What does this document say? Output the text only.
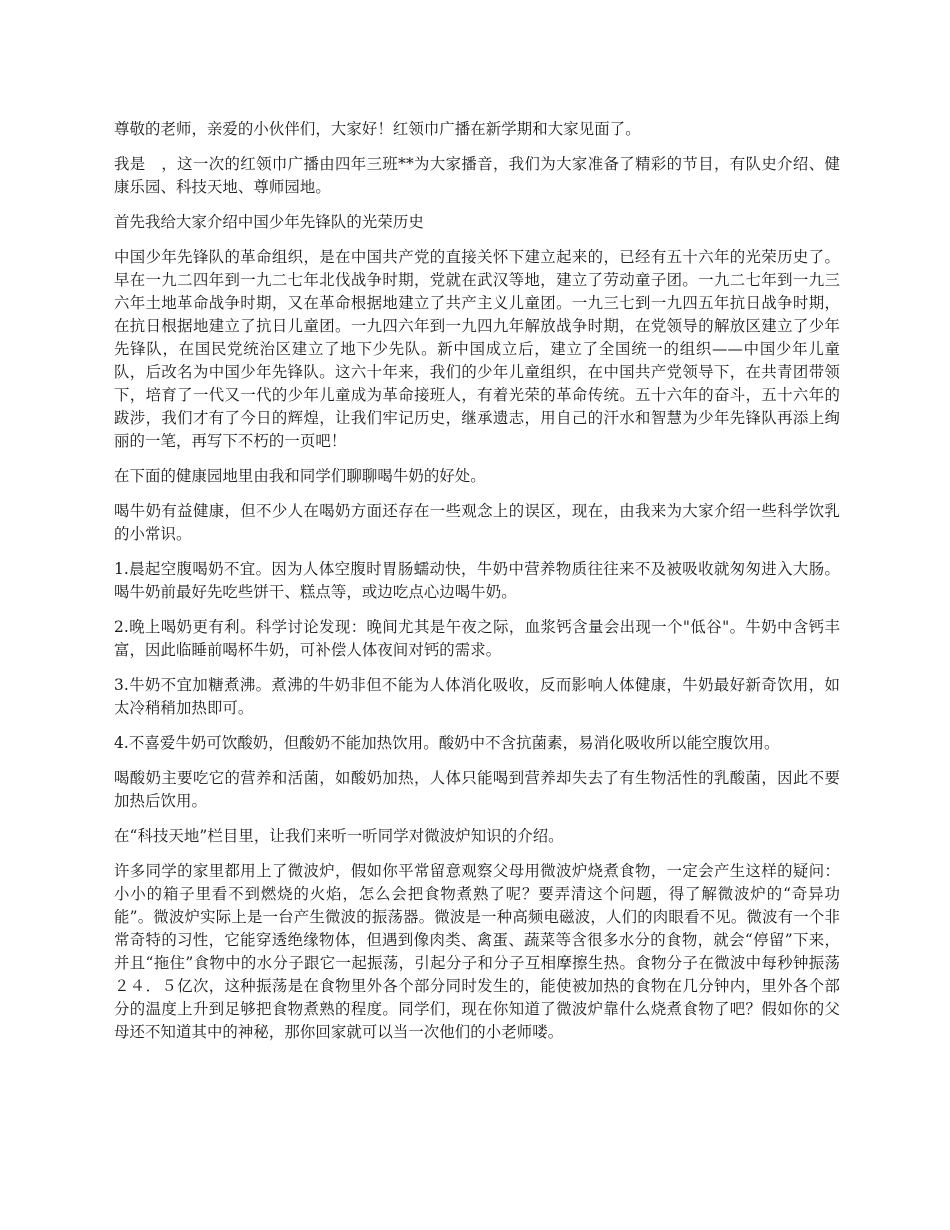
尊敬的老师，亲爱的小伙伴们，大家好！红领巾广播在新学期和大家见面了。

我是　，这一次的红领巾广播由四年三班**为大家播音，我们为大家准备了精彩的节目，有队史介绍、健康乐园、科技天地、尊师园地。

首先我给大家介绍中国少年先锋队的光荣历史

中国少年先锋队的革命组织，是在中国共产党的直接关怀下建立起来的，已经有五十六年的光荣历史了。早在一九二四年到一九二七年北伐战争时期，党就在武汉等地，建立了劳动童子团。一九二七年到一九三六年土地革命战争时期，又在革命根据地建立了共产主义儿童团。一九三七到一九四五年抗日战争时期，在抗日根据地建立了抗日儿童团。一九四六年到一九四九年解放战争时期，在党领导的解放区建立了少年先锋队，在国民党统治区建立了地下少先队。新中国成立后，建立了全国统一的组织——中国少年儿童队，后改名为中国少年先锋队。这六十年来，我们的少年儿童组织，在中国共产党领导下，在共青团带领下，培育了一代又一代的少年儿童成为革命接班人，有着光荣的革命传统。五十六年的奋斗，五十六年的跋涉，我们才有了今日的辉煌，让我们牢记历史，继承遗志，用自己的汗水和智慧为少年先锋队再添上绚丽的一笔，再写下不朽的一页吧！

在下面的健康园地里由我和同学们聊聊喝牛奶的好处。

喝牛奶有益健康，但不少人在喝奶方面还存在一些观念上的误区，现在，由我来为大家介绍一些科学饮乳的小常识。

1.晨起空腹喝奶不宜。因为人体空腹时胃肠蠕动快，牛奶中营养物质往往来不及被吸收就匆匆进入大肠。喝牛奶前最好先吃些饼干、糕点等，或边吃点心边喝牛奶。

2.晚上喝奶更有利。科学讨论发现：晚间尤其是午夜之际，血浆钙含量会出现一个"低谷"。牛奶中含钙丰富，因此临睡前喝杯牛奶，可补偿人体夜间对钙的需求。

3.牛奶不宜加糖煮沸。煮沸的牛奶非但不能为人体消化吸收，反而影响人体健康，牛奶最好新奇饮用，如太冷稍稍加热即可。

4.不喜爱牛奶可饮酸奶，但酸奶不能加热饮用。酸奶中不含抗菌素，易消化吸收所以能空腹饮用。

喝酸奶主要吃它的营养和活菌，如酸奶加热，人体只能喝到营养却失去了有生物活性的乳酸菌，因此不要加热后饮用。

在“科技天地”栏目里，让我们来听一听同学对微波炉知识的介绍。

许多同学的家里都用上了微波炉，假如你平常留意观察父母用微波炉烧煮食物，一定会产生这样的疑问：小小的箱子里看不到燃烧的火焰，怎么会把食物煮熟了呢？要弄清这个问题，得了解微波炉的“奇异功能”。微波炉实际上是一台产生微波的振荡器。微波是一种高频电磁波，人们的肉眼看不见。微波有一个非常奇特的习性，它能穿透绝缘物体，但遇到像肉类、禽蛋、蔬菜等含很多水分的食物，就会“停留”下来，并且“拖住”食物中的水分子跟它一起振荡，引起分子和分子互相摩擦生热。食物分子在微波中每秒钟振荡２４．５亿次，这种振荡是在食物里外各个部分同时发生的，能使被加热的食物在几分钟内，里外各个部分的温度上升到足够把食物煮熟的程度。同学们，现在你知道了微波炉靠什么烧煮食物了吧？假如你的父母还不知道其中的神秘，那你回家就可以当一次他们的小老师喽。
